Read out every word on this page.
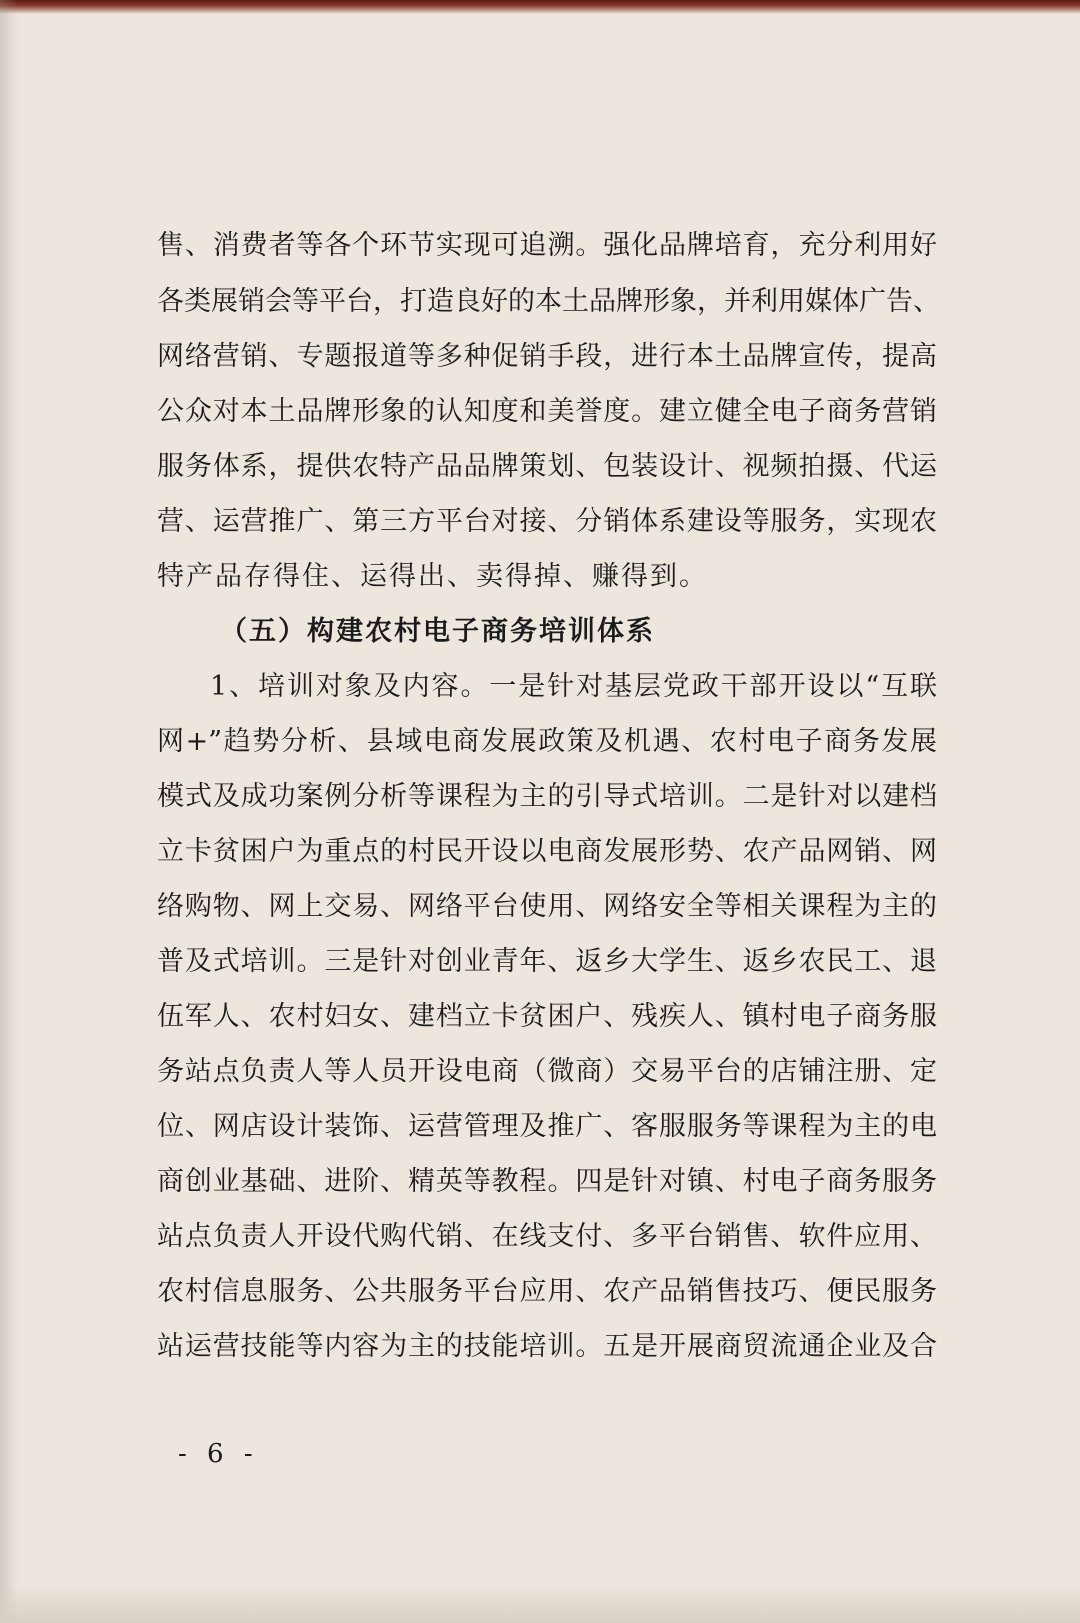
售、消费者等各个环节实现可追溯。强化品牌培育，充分利用好
各类展销会等平台，打造良好的本土品牌形象，并利用媒体广告、
网络营销、专题报道等多种促销手段，进行本土品牌宣传，提高
公众对本土品牌形象的认知度和美誉度。建立健全电子商务营销
服务体系，提供农特产品品牌策划、包装设计、视频拍摄、代运
营、运营推广、第三方平台对接、分销体系建设等服务，实现农
特产品存得住、运得出、卖得掉、赚得到。
（五）构建农村电子商务培训体系
1、培训对象及内容。一是针对基层党政干部开设以“互联
网+”趋势分析、县域电商发展政策及机遇、农村电子商务发展
模式及成功案例分析等课程为主的引导式培训。二是针对以建档
立卡贫困户为重点的村民开设以电商发展形势、农产品网销、网
络购物、网上交易、网络平台使用、网络安全等相关课程为主的
普及式培训。三是针对创业青年、返乡大学生、返乡农民工、退
伍军人、农村妇女、建档立卡贫困户、残疾人、镇村电子商务服
务站点负责人等人员开设电商（微商）交易平台的店铺注册、定
位、网店设计装饰、运营管理及推广、客服服务等课程为主的电
商创业基础、进阶、精英等教程。四是针对镇、村电子商务服务
站点负责人开设代购代销、在线支付、多平台销售、软件应用、
农村信息服务、公共服务平台应用、农产品销售技巧、便民服务
站运营技能等内容为主的技能培训。五是开展商贸流通企业及合
- 6 -
